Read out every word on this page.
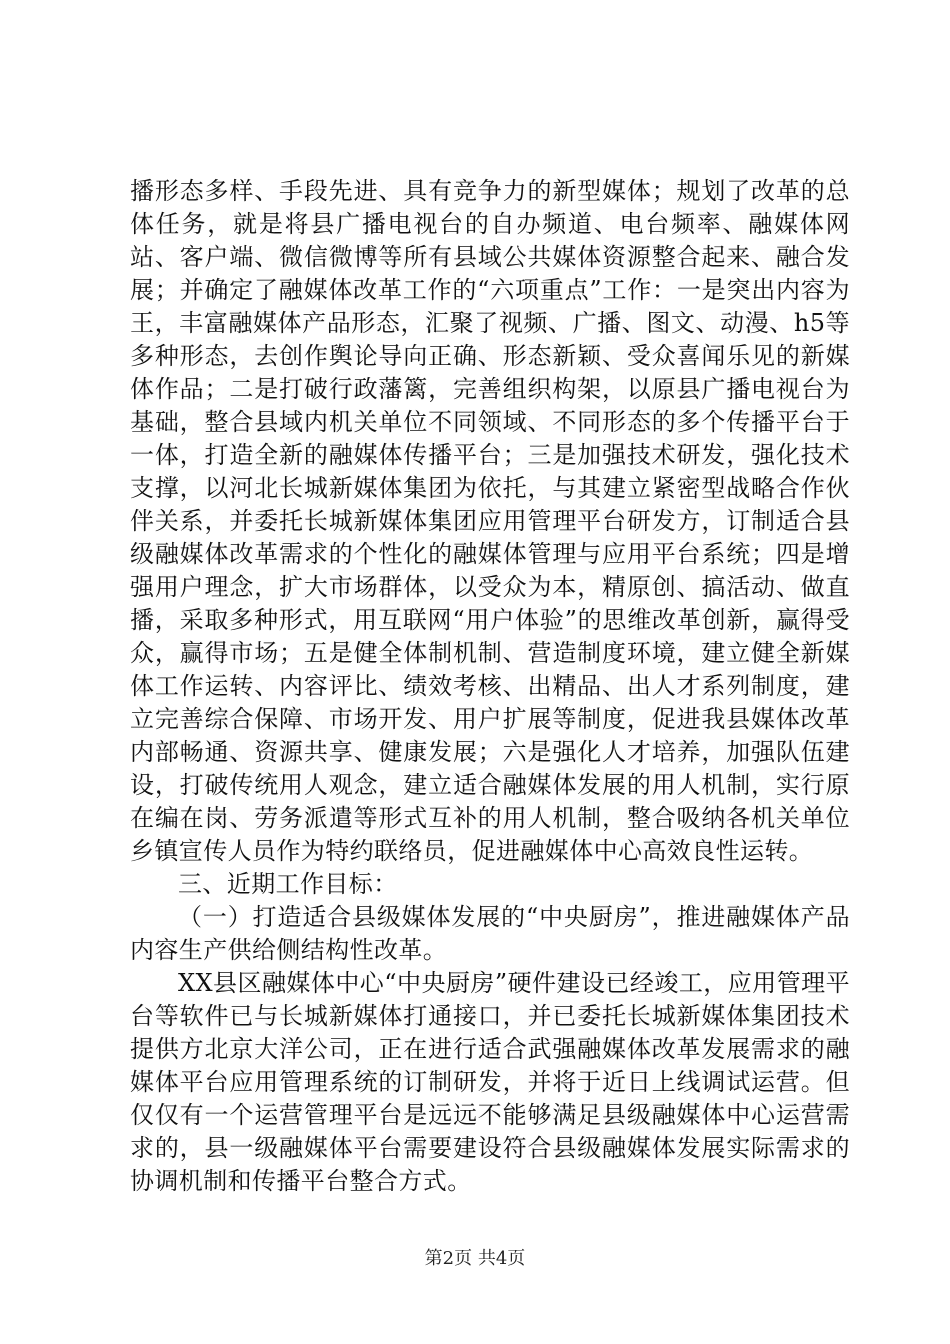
播形态多样、手段先进、具有竞争力的新型媒体；规划了改革的总体任务，就是将县广播电视台的自办频道、电台频率、融媒体网站、客户端、微信微博等所有县域公共媒体资源整合起来、融合发展；并确定了融媒体改革工作的“六项重点”工作：一是突出内容为王，丰富融媒体产品形态，汇聚了视频、广播、图文、动漫、h5等多种形态，去创作舆论导向正确、形态新颖、受众喜闻乐见的新媒体作品；二是打破行政藩篱，完善组织构架，以原县广播电视台为基础，整合县域内机关单位不同领域、不同形态的多个传播平台于一体，打造全新的融媒体传播平台；三是加强技术研发，强化技术支撑，以河北长城新媒体集团为依托，与其建立紧密型战略合作伙伴关系，并委托长城新媒体集团应用管理平台研发方，订制适合县级融媒体改革需求的个性化的融媒体管理与应用平台系统；四是增强用户理念，扩大市场群体，以受众为本，精原创、搞活动、做直播，采取多种形式，用互联网“用户体验”的思维改革创新，赢得受众，赢得市场；五是健全体制机制、营造制度环境，建立健全新媒体工作运转、内容评比、绩效考核、出精品、出人才系列制度，建立完善综合保障、市场开发、用户扩展等制度，促进我县媒体改革内部畅通、资源共享、健康发展；六是强化人才培养，加强队伍建设，打破传统用人观念，建立适合融媒体发展的用人机制，实行原在编在岗、劳务派遣等形式互补的用人机制，整合吸纳各机关单位乡镇宣传人员作为特约联络员，促进融媒体中心高效良性运转。

三、近期工作目标：

（一）打造适合县级媒体发展的“中央厨房”，推进融媒体产品内容生产供给侧结构性改革。

XX县区融媒体中心“中央厨房”硬件建设已经竣工，应用管理平台等软件已与长城新媒体打通接口，并已委托长城新媒体集团技术提供方北京大洋公司，正在进行适合武强融媒体改革发展需求的融媒体平台应用管理系统的订制研发，并将于近日上线调试运营。但仅仅有一个运营管理平台是远远不能够满足县级融媒体中心运营需求的，县一级融媒体平台需要建设符合县级融媒体发展实际需求的协调机制和传播平台整合方式。

第2页 共4页
